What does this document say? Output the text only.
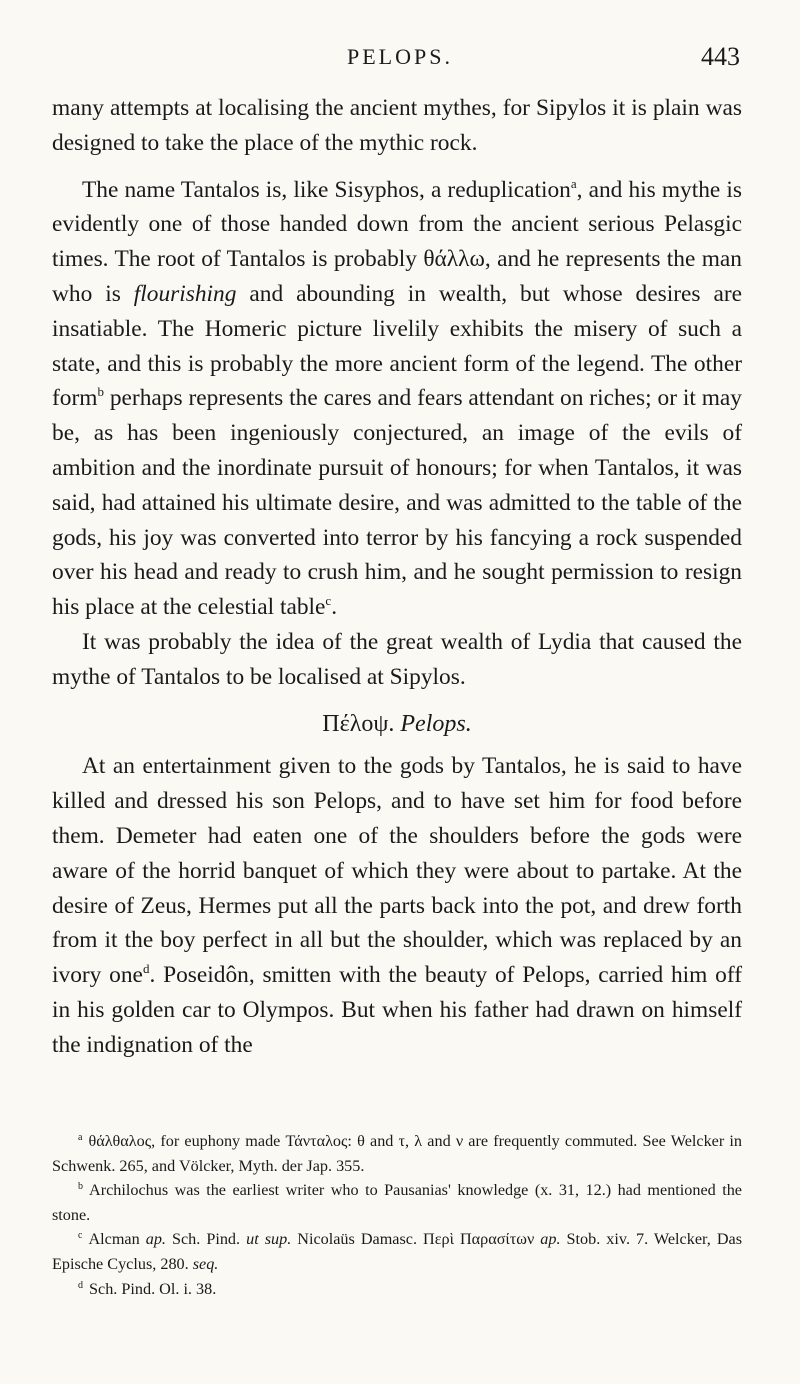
PELOPS.	443

many attempts at localising the ancient mythes, for Sipylos it is plain was designed to take the place of the mythic rock.

The name Tantalos is, like Sisyphos, a reduplication$^a$, and his mythe is evidently one of those handed down from the ancient serious Pelasgic times. The root of Tantalos is probably θάλλω, and he represents the man who is flourishing and abounding in wealth, but whose desires are insatiable. The Homeric picture livelily exhibits the misery of such a state, and this is probably the more ancient form of the legend. The other form$^b$ perhaps represents the cares and fears attendant on riches; or it may be, as has been ingeniously conjectured, an image of the evils of ambition and the inordinate pursuit of honours; for when Tantalos, it was said, had attained his ultimate desire, and was admitted to the table of the gods, his joy was converted into terror by his fancying a rock suspended over his head and ready to crush him, and he sought permission to resign his place at the celestial table$^c$.

It was probably the idea of the great wealth of Lydia that caused the mythe of Tantalos to be localised at Sipylos.

Πέλοψ. Pelops.

At an entertainment given to the gods by Tantalos, he is said to have killed and dressed his son Pelops, and to have set him for food before them. Demeter had eaten one of the shoulders before the gods were aware of the horrid banquet of which they were about to partake. At the desire of Zeus, Hermes put all the parts back into the pot, and drew forth from it the boy perfect in all but the shoulder, which was replaced by an ivory one$^d$. Poseidôn, smitten with the beauty of Pelops, carried him off in his golden car to Olympos. But when his father had drawn on himself the indignation of the

$^a$ θάλθαλος, for euphony made Τάνταλος: θ and τ, λ and ν are frequently commuted. See Welcker in Schwenk. 265, and Völcker, Myth. der Jap. 355.

$^b$ Archilochus was the earliest writer who to Pausanias' knowledge (x. 31, 12.) had mentioned the stone.

$^c$ Alcman ap. Sch. Pind. ut sup. Nicolaüs Damasc. Περὶ Παρασίτων ap. Stob. xiv. 7. Welcker, Das Epische Cyclus, 280. seq.

$^d$ Sch. Pind. Ol. i. 38.
